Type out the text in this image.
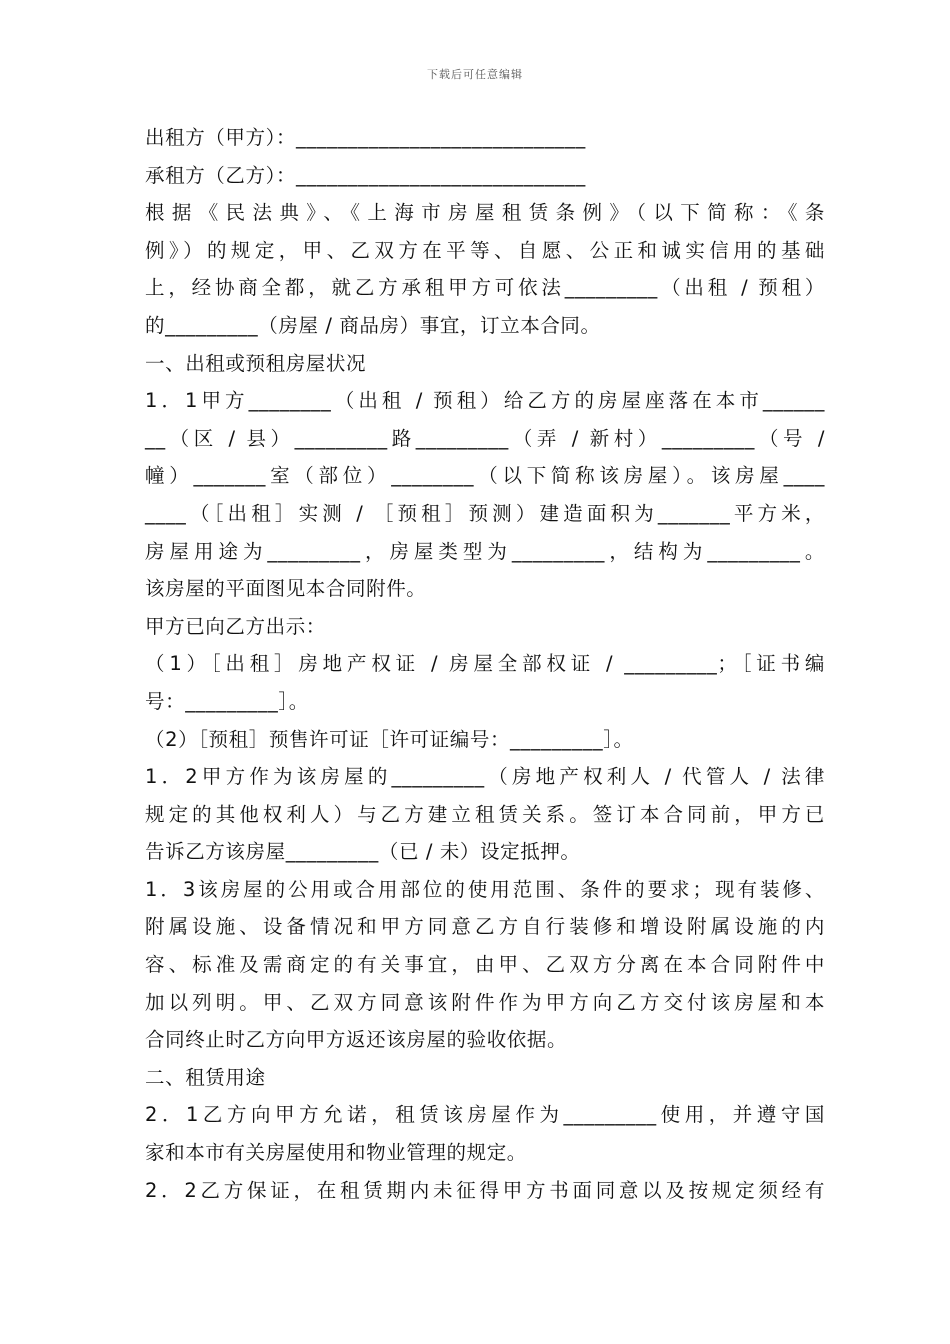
下载后可任意编辑
出租方（甲方）：____________________________
承租方（乙方）：____________________________
根据《民法典》、《上海市房屋租赁条例》（以下简称：《条
例》）的规定，甲、乙双方在平等、自愿、公正和诚实信用的基础
上，经协商全都，就乙方承租甲方可依法_________（出租 / 预租）
的_________（房屋 / 商品房）事宜，订立本合同。
一、出租或预租房屋状况
1．1甲方________（出租 / 预租）给乙方的房屋座落在本市______
__（区 / 县）_________路_________（弄 / 新村）_________（号 /
幢）_______室（部位）________（以下简称该房屋）。该房屋____
____（［出租］实测 / ［预租］预测）建造面积为_______平方米，
房屋用途为_________，房屋类型为_________，结构为_________。
该房屋的平面图见本合同附件。
甲方已向乙方出示：
（1）［出租］房地产权证 / 房屋全部权证 / _________；［证书编
号：_________］。
（2）［预租］预售许可证［许可证编号：_________］。
1．2甲方作为该房屋的_________（房地产权利人 / 代管人 / 法律
规定的其他权利人）与乙方建立租赁关系。签订本合同前，甲方已
告诉乙方该房屋_________（已 / 未）设定抵押。
1．3该房屋的公用或合用部位的使用范围、条件的要求；现有装修、
附属设施、设备情况和甲方同意乙方自行装修和增设附属设施的内
容、标准及需商定的有关事宜，由甲、乙双方分离在本合同附件中
加以列明。甲、乙双方同意该附件作为甲方向乙方交付该房屋和本
合同终止时乙方向甲方返还该房屋的验收依据。
二、租赁用途
2．1乙方向甲方允诺，租赁该房屋作为_________使用，并遵守国
家和本市有关房屋使用和物业管理的规定。
2．2乙方保证，在租赁期内未征得甲方书面同意以及按规定须经有
